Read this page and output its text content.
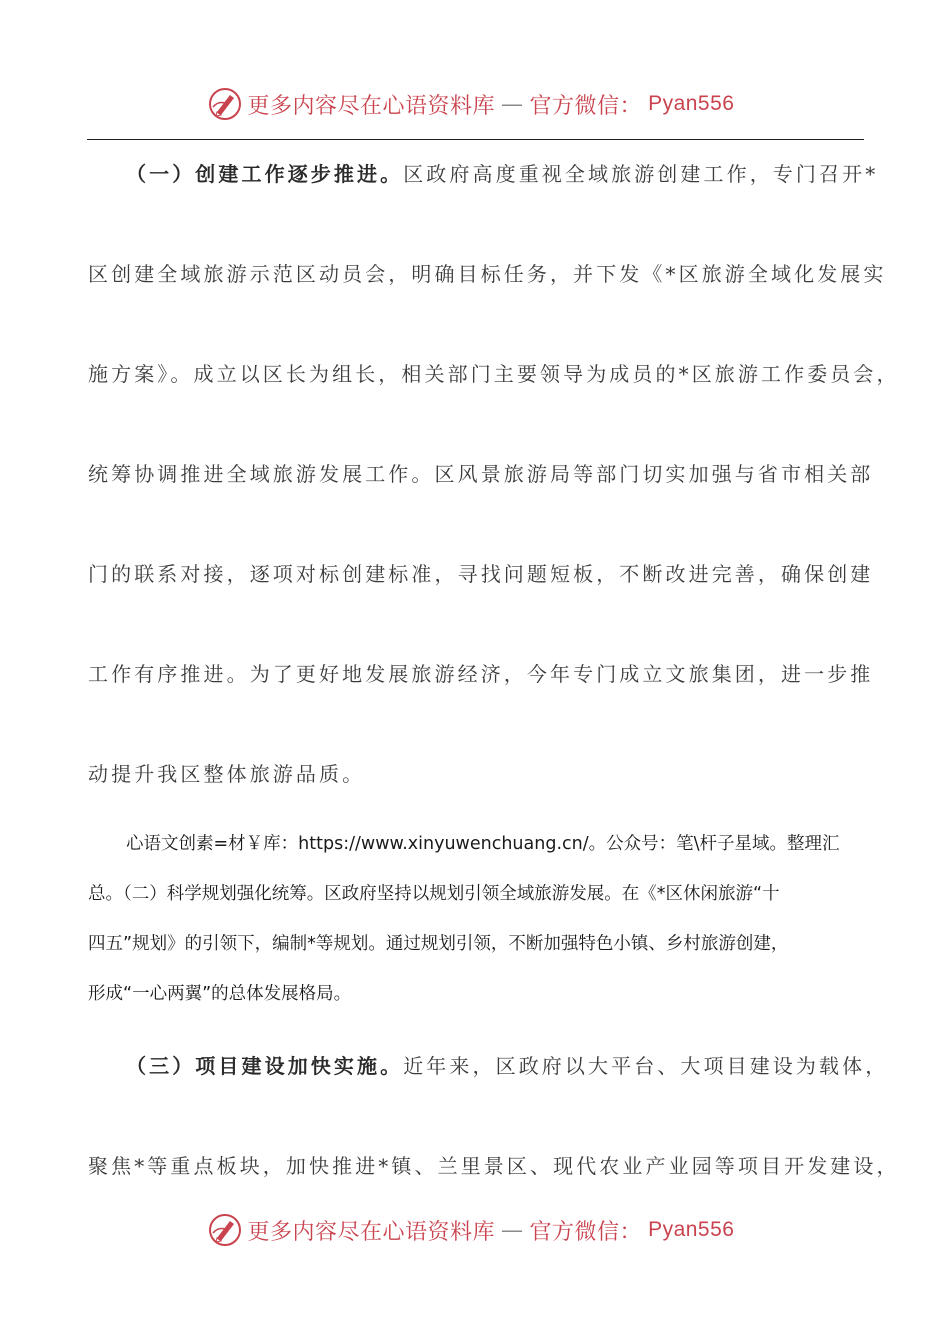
更多内容尽在心语资料库 — 官方微信： Pyan556
（一）创建工作逐步推进。区政府高度重视全域旅游创建工作，专门召开*
区创建全域旅游示范区动员会，明确目标任务，并下发《*区旅游全域化发展实
施方案》。成立以区长为组长，相关部门主要领导为成员的*区旅游工作委员会，
统筹协调推进全域旅游发展工作。区风景旅游局等部门切实加强与省市相关部
门的联系对接，逐项对标创建标准，寻找问题短板，不断改进完善，确保创建
工作有序推进。为了更好地发展旅游经济，今年专门成立文旅集团，进一步推
动提升我区整体旅游品质。
心语文创素=材￥库：https://www.xinyuwenchuang.cn/。公众号：笔\杆子星域。整理汇
总。（二）科学规划强化统筹。区政府坚持以规划引领全域旅游发展。在《*区休闲旅游“十
四五”规划》的引领下，编制*等规划。通过规划引领，不断加强特色小镇、乡村旅游创建，
形成“一心两翼”的总体发展格局。
（三）项目建设加快实施。近年来，区政府以大平台、大项目建设为载体，
聚焦*等重点板块，加快推进*镇、兰里景区、现代农业产业园等项目开发建设，
更多内容尽在心语资料库 — 官方微信： Pyan556
